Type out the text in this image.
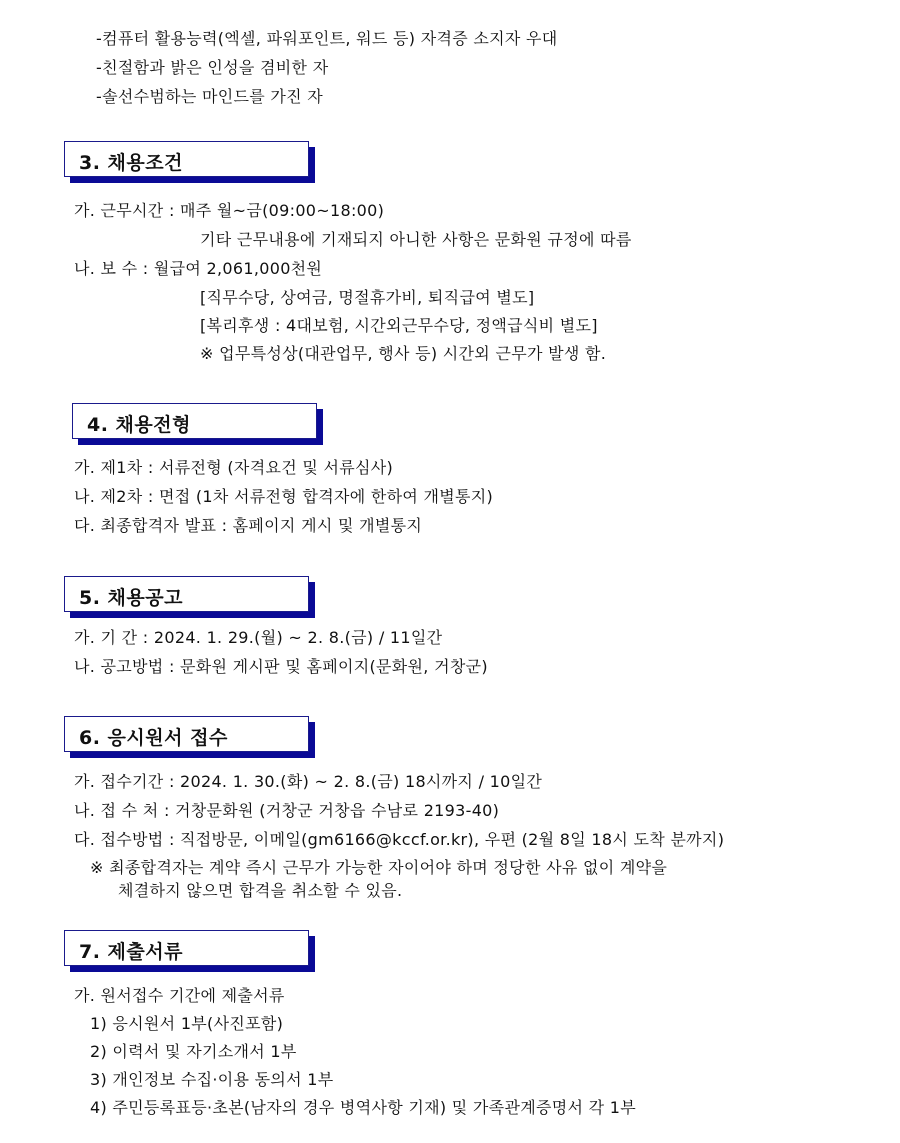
-컴퓨터 활용능력(엑셀, 파워포인트, 워드 등) 자격증 소지자 우대
-친절함과 밝은 인성을 겸비한 자
-솔선수범하는 마인드를 가진 자
3. 채용조건
가. 근무시간 : 매주 월~금(09:00~18:00)
기타 근무내용에 기재되지 아니한 사항은 문화원 규정에 따름
나. 보 수 : 월급여 2,061,000천원
[직무수당, 상여금, 명절휴가비, 퇴직급여 별도]
[복리후생 : 4대보험, 시간외근무수당, 정액급식비 별도]
※ 업무특성상(대관업무, 행사 등) 시간외 근무가 발생 함.
4. 채용전형
가. 제1차 : 서류전형 (자격요건 및 서류심사)
나. 제2차 : 면접 (1차 서류전형 합격자에 한하여 개별통지)
다. 최종합격자 발표 : 홈페이지 게시 및 개별통지
5. 채용공고
가. 기 간 : 2024. 1. 29.(월) ~ 2. 8.(금) / 11일간
나. 공고방법 : 문화원 게시판 및 홈페이지(문화원, 거창군)
6. 응시원서 접수
가. 접수기간 : 2024. 1. 30.(화) ~ 2. 8.(금) 18시까지 / 10일간
나. 접 수 처 : 거창문화원 (거창군 거창읍 수남로 2193-40)
다. 접수방법 : 직접방문, 이메일(gm6166@kccf.or.kr), 우편 (2월 8일 18시 도착 분까지)
※ 최종합격자는 계약 즉시 근무가 가능한 자이어야 하며 정당한 사유 없이 계약을
체결하지 않으면 합격을 취소할 수 있음.
7. 제출서류
가. 원서접수 기간에 제출서류
1) 응시원서 1부(사진포함)
2) 이력서 및 자기소개서 1부
3) 개인정보 수집·이용 동의서 1부
4) 주민등록표등·초본(남자의 경우 병역사항 기재) 및 가족관계증명서 각 1부
